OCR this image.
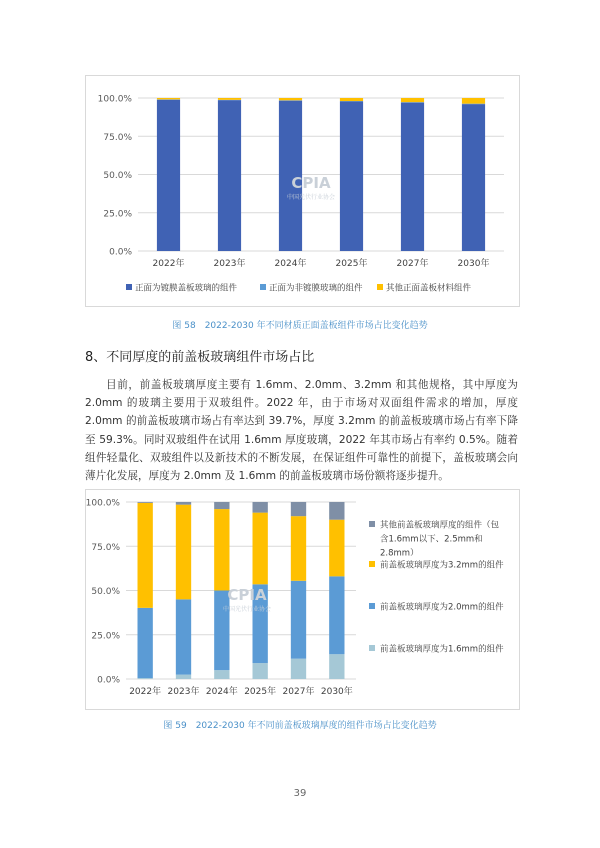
0.0%
25.0%
50.0%
75.0%
100.0%
2022年	2023年	2024年	2025年	2027年	2030年
CPIA
中国光伏行业协会
正面为镀膜盖板玻璃的组件	正面为非镀膜玻璃的组件	其他正面盖板材料组件
图 58　2022-2030 年不同材质正面盖板组件市场占比变化趋势
8、不同厚度的前盖板玻璃组件市场占比

目前，前盖板玻璃厚度主要有 1.6mm、2.0mm、3.2mm 和其他规格，其中厚度为 2.0mm 的玻璃主要用于双玻组件。2022 年，由于市场对双面组件需求的增加，厚度 2.0mm 的前盖板玻璃市场占有率达到 39.7%，厚度 3.2mm 的前盖板玻璃市场占有率下降至 59.3%。同时双玻组件在试用 1.6mm 厚度玻璃，2022 年其市场占有率约 0.5%。随着组件轻量化、双玻组件以及新技术的不断发展，在保证组件可靠性的前提下，盖板玻璃会向薄片化发展，厚度为 2.0mm 及 1.6mm 的前盖板玻璃市场份额将逐步提升。

0.0%
25.0%
50.0%
75.0%
100.0%
2022年 2023年 2024年 2025年 2027年 2030年
CPIA
中国光伏行业协会
其他前盖板玻璃厚度的组件（包
含1.6mm以下、2.5mm和
2.8mm）
前盖板玻璃厚度为3.2mm的组件
前盖板玻璃厚度为2.0mm的组件
前盖板玻璃厚度为1.6mm的组件
图 59　2022-2030 年不同前盖板玻璃厚度的组件市场占比变化趋势
39
